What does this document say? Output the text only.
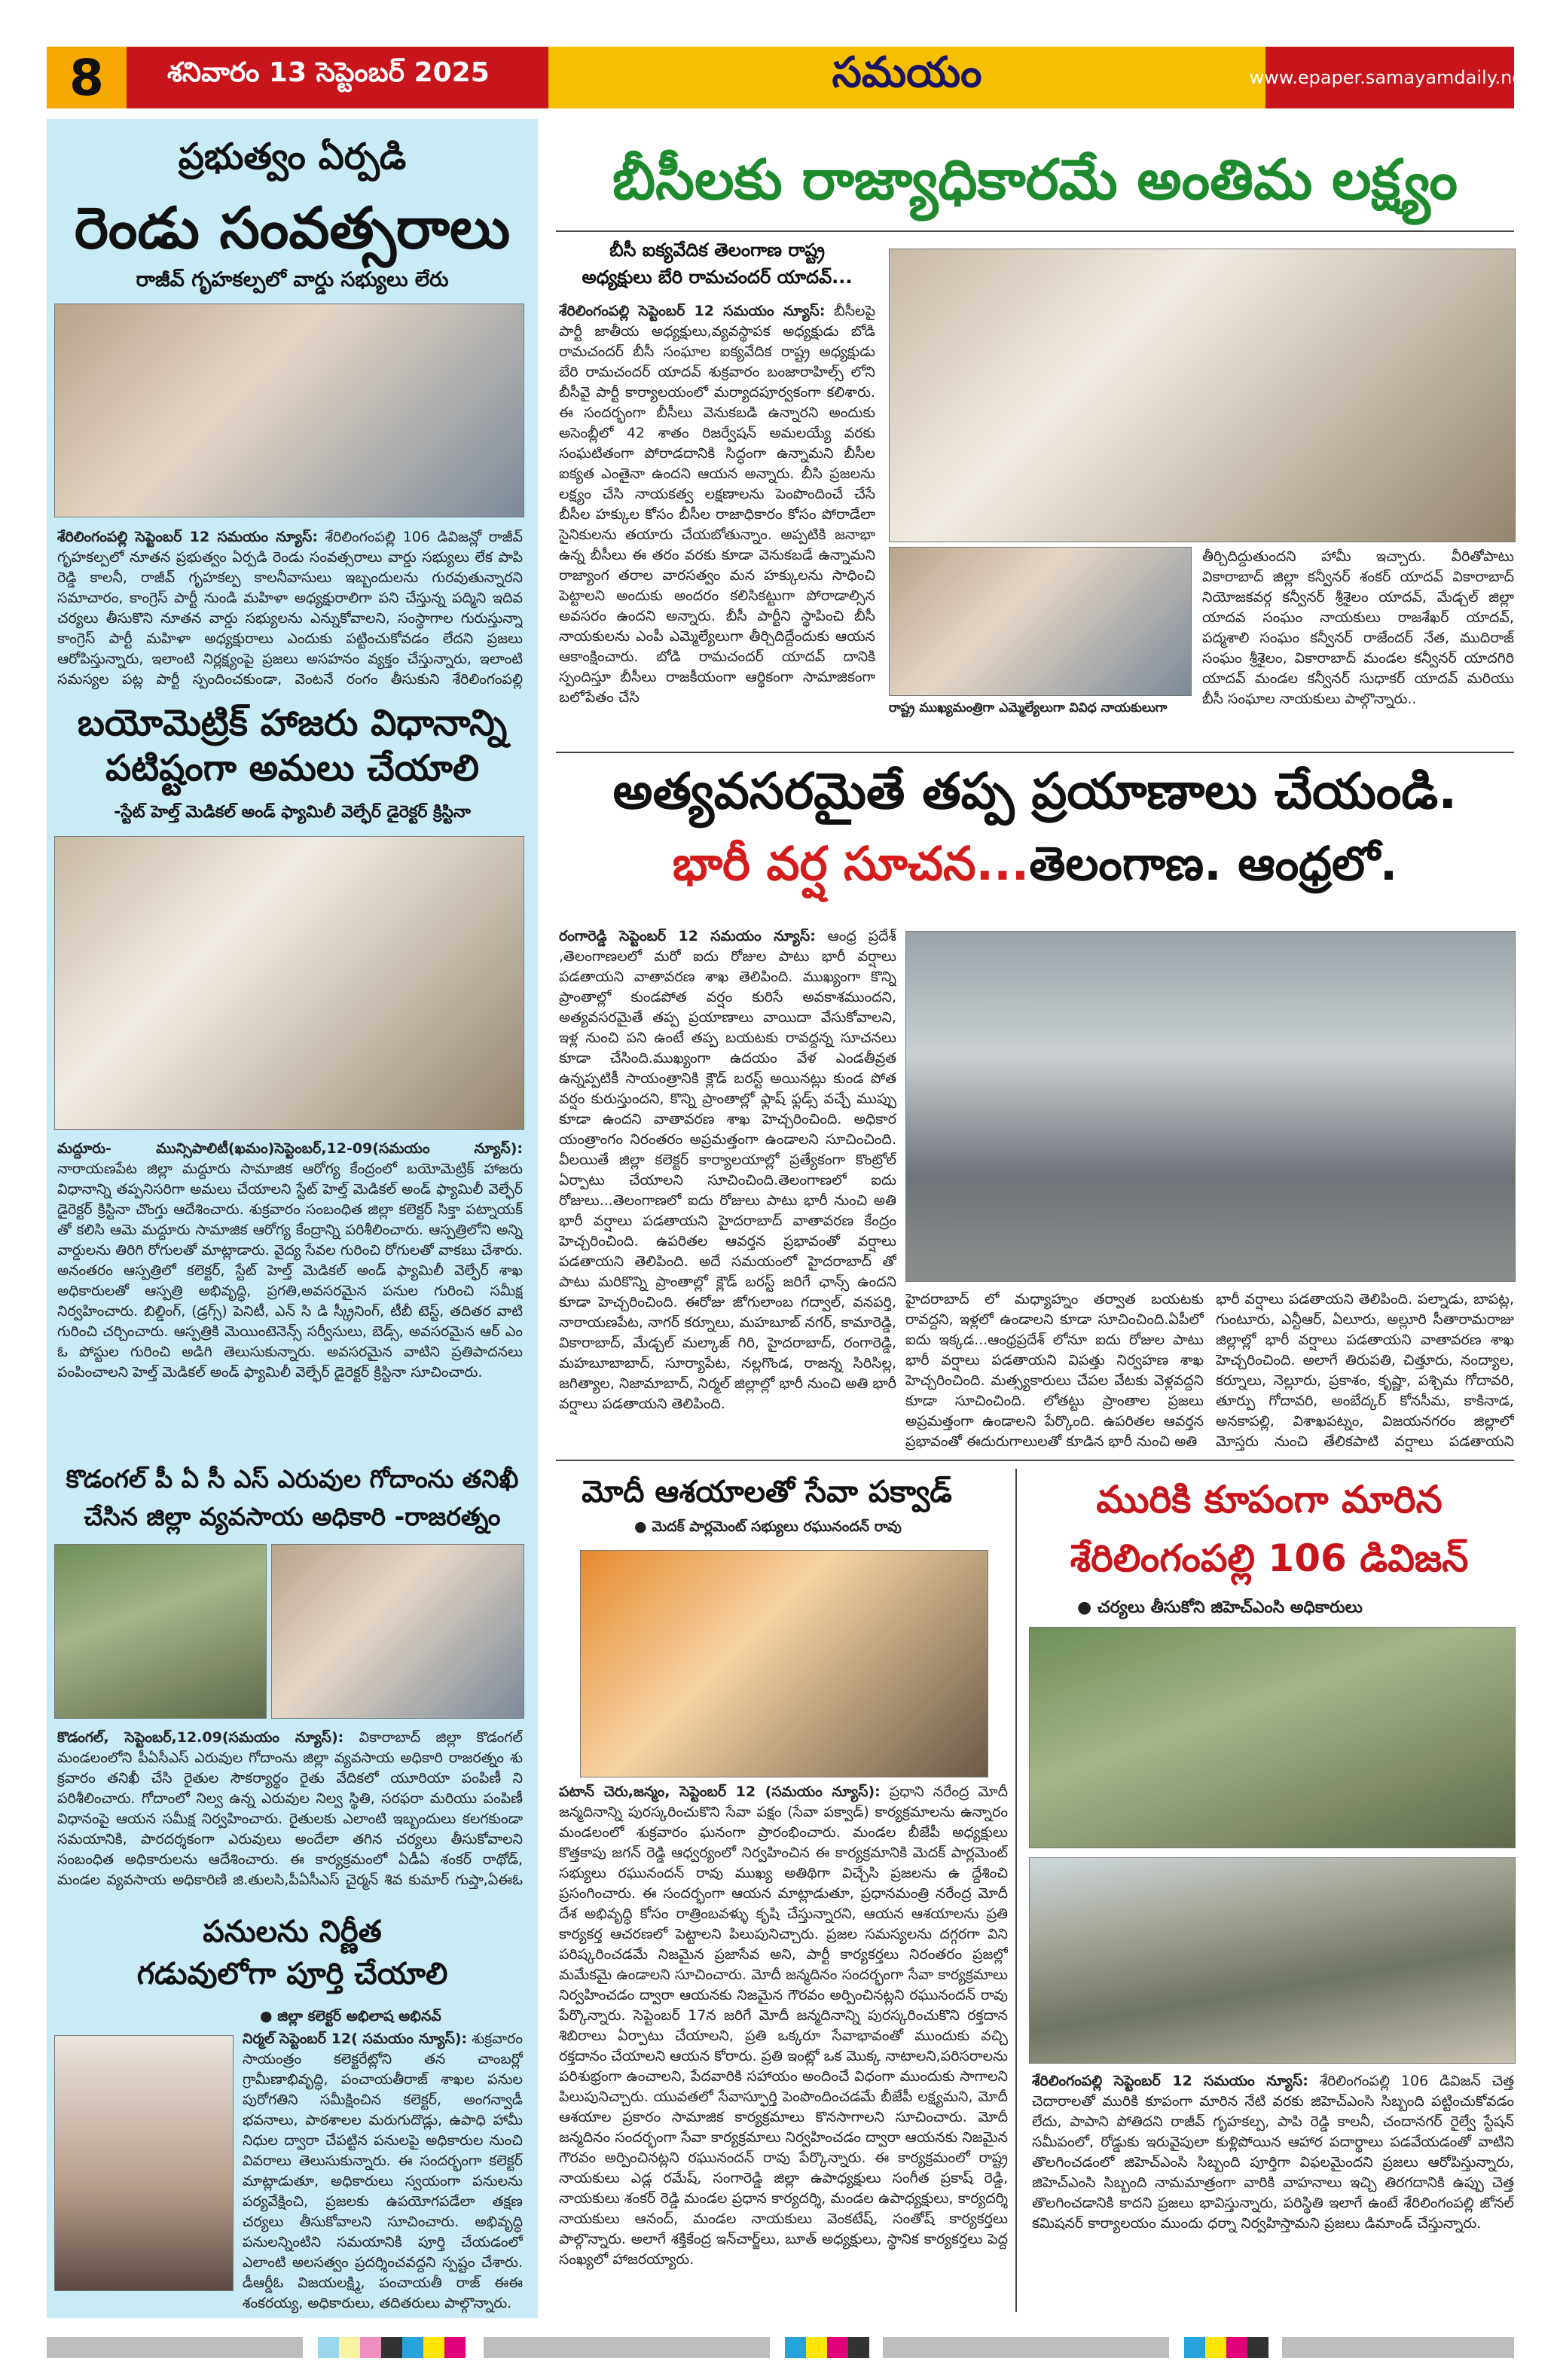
8	శనివారం 13 సెప్టెంబర్ 2025	సమయం	www.epaper.samayamdaily.net
ప్రభుత్వం ఏర్పడి
రెండు సంవత్సరాలు
రాజీవ్ గృహకల్పలో వార్డు సభ్యులు లేరు
శేరిలింగంపల్లి సెప్టెంబర్ 12 సమయం న్యూస్: శేరిలింగంపల్లి 106 డివిజన్లో రాజీవ్ గృహకల్పలో నూతన ప్రభుత్వం ఏర్పడి రెండు సంవత్సరాలు వార్డు సభ్యులు లేక పాపి రెడ్డి కాలనీ, రాజీవ్ గృహకల్ప కాలనీవాసులు ఇబ్బందులను గురవుతున్నారని సమాచారం, కాంగ్రెస్ పార్టీ నుండి మహిళా అధ్యక్షురాలిగా పని చేస్తున్న పద్మిని ఇదివ చర్యలు తీసుకొని నూతన వార్డు సభ్యులను ఎన్నుకోవాలని, సంస్థాగాల గురుస్తున్నా కాంగ్రెస్ పార్టీ మహిళా అధ్యక్షురాలు ఎందుకు పట్టించుకోవడం లేదని ప్రజలు ఆరోపిస్తున్నారు, ఇలాంటి నిర్లక్ష్యంపై ప్రజలు అసహనం వ్యక్తం చేస్తున్నారు, ఇలాంటి సమస్యల పట్ల పార్టీ స్పందించకుండా, వెంటనే రంగం తీసుకుని శేరిలింగంపల్లి
బయోమెట్రిక్ హాజరు విధానాన్ని
పటిష్టంగా అమలు చేయాలి
-స్టేట్ హెల్త్ మెడికల్ అండ్ ఫ్యామిలీ వెల్ఫేర్ డైరెక్టర్ క్రిస్టినా
మద్దూరు- మున్సిపాలిటీ(ఖమం)సెప్టెంబర్,12-09(సమయం న్యూస్): నారాయణపేట జిల్లా మద్దూరు సామాజిక ఆరోగ్య కేంద్రంలో బయోమెట్రిక్ హాజరు విధానాన్ని తప్పనిసరిగా అమలు చేయాలని స్టేట్ హెల్త్ మెడికల్ అండ్ ఫ్యామిలీ వెల్ఫేర్ డైరెక్టర్ క్రిస్టినా చొంగ్తు ఆదేశించారు. శుక్రవారం సంబంధిత జిల్లా కలెక్టర్ సిక్తా పట్నాయక్ తో కలిసి ఆమె మద్దూరు సామాజిక ఆరోగ్య కేంద్రాన్ని పరిశీలించారు. ఆస్పత్రిలోని అన్ని వార్డులను తిరిగి రోగులతో మాట్లాడారు. వైద్య సేవల గురించి రోగులతో వాకబు చేశారు. అనంతరం ఆస్పత్రిలో కలెక్టర్, స్టేట్ హెల్త్ మెడికల్ అండ్ ఫ్యామిలీ వెల్ఫేర్ శాఖ అధికారులతో ఆస్పత్రి అభివృద్ధి, ప్రగతి,అవసరమైన పనుల గురించి సమీక్ష నిర్వహించారు. బిల్డింగ్, (డ్రగ్స్) పెనిటీ, ఎన్ సి డి స్క్రీనింగ్, టీబీ టెస్ట్, తదితర వాటి గురించి చర్చించారు. ఆస్పత్రికి మెయింటెనెన్స్ సర్వీసులు, బెడ్స్, అవసరమైన ఆర్ ఎం ఓ పోస్టుల గురించి అడిగి తెలుసుకున్నారు. అవసరమైన వాటిని ప్రతిపాదనలు పంపించాలని హెల్త్ మెడికల్ అండ్ ఫ్యామిలీ వెల్ఫేర్ డైరెక్టర్ క్రిస్టినా సూచించారు.
కొడంగల్ పీ ఏ సీ ఎస్ ఎరువుల గోదాంను తనిఖీ
చేసిన జిల్లా వ్యవసాయ అధికారి -రాజరత్నం
కొడంగల్, సెప్టెంబర్,12.09(సమయం న్యూస్): వికారాబాద్ జిల్లా కొడంగల్ మండలంలోని పీఏసీఎస్ ఎరువుల గోదాంను జిల్లా వ్యవసాయ అధికారి రాజరత్నం శు క్రవారం తనిఖీ చేసి రైతుల సౌకర్యార్థం రైతు వేదికలో యూరియా పంపిణీ ని పరిశీలించారు. గోదాంలో నిల్వ ఉన్న ఎరువుల నిల్వ స్థితి, సరఫరా మరియు పంపిణీ విధానంపై ఆయన సమీక్ష నిర్వహించారు. రైతులకు ఎలాంటి ఇబ్బందులు కలగకుండా సమయానికి, పారదర్శకంగా ఎరువులు అందేలా తగిన చర్యలు తీసుకోవాలని సంబంధిత అధికారులను ఆదేశించారు. ఈ కార్యక్రమంలో ఏడీఏ శంకర్ రాథోడ్, మండల వ్యవసాయ అధికారిణి జి.తులసి,పీఏసీఎస్ చైర్మన్ శివ కుమార్ గుప్తా,ఏఈఓ
పనులను నిర్ణీత
గడువులోగా పూర్తి చేయాలి
● జిల్లా కలెక్టర్ అభిలాష అభినవ్
నిర్మల్ సెప్టెంబర్ 12( సమయం న్యూస్): శుక్రవారం సాయంత్రం కలెక్టరేట్లోని తన చాంబర్లో గ్రామీణాభివృద్ధి, పంచాయతీరాజ్ శాఖల పనుల పురోగతిని సమీక్షించిన కలెక్టర్, అంగన్వాడీ భవనాలు, పాఠశాలల మరుగుదొడ్లు, ఉపాధి హామీ నిధుల ద్వారా చేపట్టిన పనులపై అధికారుల నుంచి వివరాలు తెలుసుకున్నారు. ఈ సందర్భంగా కలెక్టర్ మాట్లాడుతూ, అధికారులు స్వయంగా పనులను పర్యవేక్షించి, ప్రజలకు ఉపయోగపడేలా తక్షణ చర్యలు తీసుకోవాలని సూచించారు. అభివృద్ధి పనులన్నింటిని సమయానికి పూర్తి చేయడంలో ఎలాంటి అలసత్వం ప్రదర్శించవద్దని స్పష్టం చేశారు. డీఆర్డీఓ విజయలక్ష్మి, పంచాయతీ రాజ్ ఈఈ శంకరయ్య, అధికారులు, తదితరులు పాల్గొన్నారు.
బీసీలకు రాజ్యాధికారమే అంతిమ లక్ష్యం
బీసీ ఐక్యవేదిక తెలంగాణ రాష్ట్ర
అధ్యక్షులు బేరి రామచందర్ యాదవ్...
శేరిలింగంపల్లి సెప్టెంబర్ 12 సమయం న్యూస్: బీసీలపై పార్టీ జాతీయ అధ్యక్షులు,వ్యవస్థాపక అధ్యక్షుడు బోడి రామచందర్ బీసీ సంఘాల ఐక్యవేదిక రాష్ట్ర అధ్యక్షుడు బేరి రామచందర్ యాదవ్ శుక్రవారం బంజారాహిల్స్ లోని బీసీవై పార్టీ కార్యాలయంలో మర్యాదపూర్వకంగా కలిశారు. ఈ సందర్భంగా బీసీలు వెనుకబడి ఉన్నారని అందుకు అసెంబ్లీలో 42 శాతం రిజర్వేషన్ అమలయ్యే వరకు సంఘటితంగా పోరాడదానికి సిద్ధంగా ఉన్నామని బీసీల ఐక్యత ఎంతైనా ఉందని ఆయన అన్నారు. బీసి ప్రజలను లక్ష్యం చేసి నాయకత్వ లక్షణాలను పెంపొందించే చేసే బీసీల హక్కుల కోసం బీసీల రాజాధికారం కోసం పోరాడేలా సైనికులను తయారు చేయబోతున్నాం. అప్పటికి జనాభా ఉన్న బీసీలు ఈ తరం వరకు కూడా వెనుకబడే ఉన్నామని రాజ్యాంగ తరాల వారసత్వం మన హక్కులను సాధించి పెట్టాలని అందుకు అందరం కలిసికట్టుగా పోరాడాల్సిన అవసరం ఉందని అన్నారు. బీసీ పార్టీని స్థాపించి బీసీ నాయకులను ఎంపీ ఎమ్మెల్యేలుగా తీర్చిదిద్దేందుకు ఆయన ఆకాంక్షించారు. బోడి రామచందర్ యాదవ్ దానికి స్పందిస్తూ బీసీలు రాజకీయంగా ఆర్థికంగా సామాజికంగా బలోపేతం చేసి
రాష్ట్ర ముఖ్యమంత్రిగా ఎమ్మెల్యేలుగా వివిధ నాయకులుగా
తీర్చిదిద్దుతుందని హామీ ఇచ్చారు. వీరితోపాటు వికారాబాద్ జిల్లా కన్వీనర్ శంకర్ యాదవ్ వికారాబాద్ నియోజకవర్గ కన్వీనర్ శ్రీశైలం యాదవ్, మేడ్చల్ జిల్లా యాదవ సంఘం నాయకులు రాజశేఖర్ యాదవ్, పద్మశాలి సంఘం కన్వీనర్ రాజేందర్ నేత, ముదిరాజ్ సంఘం శ్రీశైలం, వికారాబాద్ మండల కన్వీనర్ యాదగిరి యాదవ్ మండల కన్వీనర్ సుధాకర్ యాదవ్ మరియు బీసీ సంఘాల నాయకులు పాల్గొన్నారు..
అత్యవసరమైతే తప్ప ప్రయాణాలు చేయండి.
భారీ వర్ష సూచన...తెలంగాణ. ఆంధ్రలో.
రంగారెడ్డి సెప్టెంబర్ 12 సమయం న్యూస్: ఆంధ్ర ప్రదేశ్ ,తెలంగాణలలో మరో ఐదు రోజుల పాటు భారీ వర్షాలు పడతాయని వాతావరణ శాఖ తెలిపింది. ముఖ్యంగా కొన్ని ప్రాంతాల్లో కుండపోత వర్షం కురిసే అవకాశముందని, అత్యవసరమైతే తప్ప ప్రయాణాలు వాయిదా వేసుకోవాలని, ఇళ్ల నుంచి పని ఉంటే తప్ప బయటకు రావద్దన్న సూచనలు కూడా చేసింది.ముఖ్యంగా ఉదయం వేళ ఎండతీవ్రత ఉన్నప్పటికీ సాయంత్రానికి క్లౌడ్ బరస్ట్ అయినట్లు కుండ పోత వర్షం కురుస్తుందని, కొన్ని ప్రాంతాల్లో ఫ్లాష్ ఫ్లడ్స్ వచ్చే ముప్పు కూడా ఉందని వాతావరణ శాఖ హెచ్చరించింది. అధికార యంత్రాంగం నిరంతరం అప్రమత్తంగా ఉండాలని సూచించింది. వీలయితే జిల్లా కలెక్టర్ కార్యాలయాల్లో ప్రత్యేకంగా కొంట్రోల్ ఏర్పాటు చేయాలని సూచించింది.తెలంగాణలో ఐదు రోజులు...తెలంగాణలో ఐదు రోజులు పాటు భారీ నుంచి అతి భారీ వర్షాలు పడతాయని హైదరాబాద్ వాతావరణ కేంద్రం హెచ్చరించింది. ఉపరితల ఆవర్తన ప్రభావంతో వర్షాలు పడతాయని తెలిపింది. అదే సమయంలో హైదరాబాద్ తో పాటు మరికొన్ని ప్రాంతాల్లో క్లౌడ్ బరస్ట్ జరిగే ఛాన్స్ ఉందని కూడా హెచ్చరించింది. ఈరోజు జోగులాంబ గద్వాల్, వనపర్తి, నారాయణపేట, నాగర్ కర్నూలు, మహబూబ్ నగర్, కామారెడ్డి, వికారాబాద్, మేడ్చల్ మల్కాజ్ గిరి, హైదరాబాద్, రంగారెడ్డి, మహబూబాబాద్, సూర్యాపేట, నల్లగొండ, రాజన్న సిరిసిల్ల, జగిత్యాల, నిజామాబాద్, నిర్మల్ జిల్లాల్లో భారీ నుంచి అతి భారీ వర్షాలు పడతాయని తెలిపింది.
హైదరాబాద్ లో మధ్యాహ్నం తర్వాత బయటకు రావద్దని, ఇళ్లలో ఉండాలని కూడా సూచించింది.ఏపీలో ఐదు ఇక్కడ...ఆంధ్రప్రదేశ్ లోనూ ఐదు రోజుల పాటు భారీ వర్షాలు పడతాయని విపత్తు నిర్వహణ శాఖ హెచ్చరించింది. మత్స్యకారులు చేపల వేటకు వెళ్లవద్దని కూడా సూచించింది. లోతట్టు ప్రాంతాల ప్రజలు అప్రమత్తంగా ఉండాలని పేర్కొంది. ఉపరితల ఆవర్తన ప్రభావంతో ఈదురుగాలులతో కూడిన భారీ నుంచి అతి
భారీ వర్షాలు పడతాయని తెలిపింది. పల్నాడు, బాపట్ల, గుంటూరు, ఎన్టీఆర్, ఏలూరు, అల్లూరి సీతారామరాజు జిల్లాల్లో భారీ వర్షాలు పడతాయని వాతావరణ శాఖ హెచ్చరించింది. అలాగే తిరుపతి, చిత్తూరు, నంద్యాల, కర్నూలు, నెల్లూరు, ప్రకాశం, కృష్ణా, పశ్చిమ గోదావరి, తూర్పు గోదావరి, అంబేద్కర్ కోనసీమ, కాకినాడ, అనకాపల్లి, విశాఖపట్నం, విజయనగరం జిల్లాలో మోస్తరు నుంచి తేలికపాటి వర్షాలు పడతాయని
మోదీ ఆశయాలతో సేవా పక్వాడ్
● మెదక్ పార్లమెంట్ సభ్యులు రఘునందన్ రావు
పటాన్ చెరు,జన్మం, సెప్టెంబర్ 12 (సమయం న్యూస్): ప్రధాని నరేంద్ర మోదీ జన్మదినాన్ని పురస్కరించుకొని సేవా పక్షం (సేవా పక్వాడ్) కార్యక్రమాలను ఉన్నారం మండలంలో శుక్రవారం ఘనంగా ప్రారంభించారు. మండల బీజేపీ అధ్యక్షులు కొత్తకాపు జగన్ రెడ్డి ఆధ్వర్యంలో నిర్వహించిన ఈ కార్యక్రమానికి మెదక్ పార్లమెంట్ సభ్యులు రఘునందన్ రావు ముఖ్య అతిథిగా విచ్చేసి ప్రజలను ఉ ద్దేశించి ప్రసంగించారు. ఈ సందర్భంగా ఆయన మాట్లాడుతూ, ప్రధానమంత్రి నరేంద్ర మోదీ దేశ అభివృద్ధి కోసం రాత్రింబవళ్ళు కృషి చేస్తున్నారని, ఆయన ఆశయాలను ప్రతి కార్యకర్త ఆచరణలో పెట్టాలని పిలుపునిచ్చారు. ప్రజల సమస్యలను దగ్గరగా విని పరిష్కరించడమే నిజమైన ప్రజాసేవ అని, పార్టీ కార్యకర్తలు నిరంతరం ప్రజల్లో మమేకమై ఉండాలని సూచించారు. మోదీ జన్మదినం సందర్భంగా సేవా కార్యక్రమాలు నిర్వహించడం ద్వారా ఆయనకు నిజమైన గౌరవం అర్పించినట్లని రఘునందన్ రావు పేర్కొన్నారు. సెప్టెంబర్ 17న జరిగే మోదీ జన్మదినాన్ని పురస్కరించుకొని రక్తదాన శిబిరాలు ఏర్పాటు చేయాలని, ప్రతి ఒక్కరూ సేవాభావంతో ముందుకు వచ్చి రక్తదానం చేయాలని ఆయన కోరారు. ప్రతి ఇంట్లో ఒక మొక్క నాటాలని,పరిసరాలను పరిశుభ్రంగా ఉంచాలని, పేదవారికి సహాయం అందించే విధంగా ముందుకు సాగాలని పిలుపునిచ్చారు. యువతలో సేవాస్ఫూర్తి పెంపొందించడమే బీజేపీ లక్ష్యమని, మోదీ ఆశయాల ప్రకారం సామాజిక కార్యక్రమాలు కొనసాగాలని సూచించారు. మోదీ జన్మదినం సందర్భంగా సేవా కార్యక్రమాలు నిర్వహించడం ద్వారా ఆయనకు నిజమైన గౌరవం అర్పించినట్లని రఘునందన్ రావు పేర్కొన్నారు. ఈ కార్యక్రమంలో రాష్ట్ర నాయకులు ఎడ్ల రమేష్, సంగారెడ్డి జిల్లా ఉపాధ్యక్షులు సంగీత ప్రకాష్ రెడ్డి, నాయకులు శంకర్ రెడ్డి మండల ప్రధాన కార్యదర్శి, మండల ఉపాధ్యక్షులు, కార్యదర్శి నాయకులు ఆనంద్, మండల నాయకులు వెంకటేష్, సంతోష్ కార్యకర్తలు పాల్గొన్నారు. అలాగే శక్తికేంద్ర ఇన్‌చార్జ్‌లు, బూత్ అధ్యక్షులు, స్థానిక కార్యకర్తలు పెద్ద సంఖ్యలో హాజరయ్యారు.
మురికి కూపంగా మారిన
శేరిలింగంపల్లి 106 డివిజన్
● చర్యలు తీసుకోని జిహెచ్ఎంసి అధికారులు
శేరిలింగంపల్లి సెప్టెంబర్ 12 సమయం న్యూస్: శేరిలింగంపల్లి 106 డివిజన్ చెత్త చెదారాలతో మురికి కూపంగా మారిన నేటి వరకు జిహెచ్ఎంసి సిబ్బంది పట్టించుకోవడం లేదు, పాపాని పోతిదని రాజీవ్ గృహకల్ప, పాపి రెడ్డి కాలనీ, చందానగర్ రైల్వే స్టేషన్ సమీపంలో, రోడ్డుకు ఇరువైపులా కుళ్లిపోయిన ఆహార పదార్థాలు పడవేయడంతో వాటిని తొలగించడంలో జిహెచ్ఎంసి సిబ్బంది పూర్తిగా విఫలమైందని ప్రజలు ఆరోపిస్తున్నారు, జిహెచ్ఎంసి సిబ్బంది నామమాత్రంగా వారికి వాహనాలు ఇచ్చి తిరగదానికి ఉప్పు చెత్త తొలగించడానికి కాదని ప్రజలు భావిస్తున్నారు, పరిస్థితి ఇలాగే ఉంటే శేరిలింగంపల్లి జోనల్ కమిషనర్ కార్యాలయం ముందు ధర్నా నిర్వహిస్తామని ప్రజలు డిమాండ్ చేస్తున్నారు.
